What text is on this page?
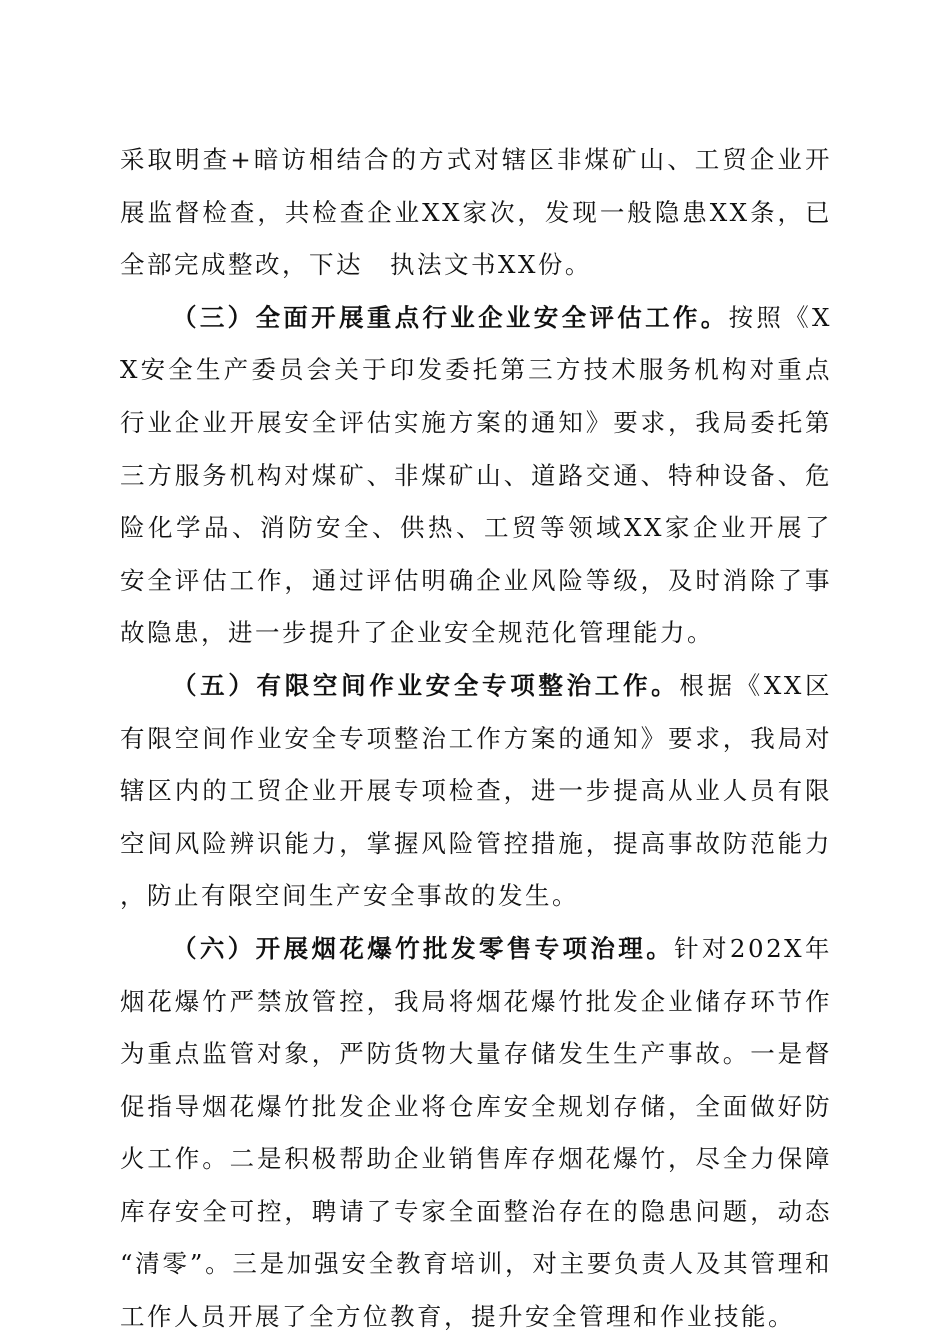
采取明查+暗访相结合的方式对辖区非煤矿山、工贸企业开展监督检查，共检查企业XX家次，发现一般隐患XX条，已全部完成整改，下达　执法文书XX份。

（三）全面开展重点行业企业安全评估工作。按照《XX安全生产委员会关于印发委托第三方技术服务机构对重点行业企业开展安全评估实施方案的通知》要求，我局委托第三方服务机构对煤矿、非煤矿山、道路交通、特种设备、危险化学品、消防安全、供热、工贸等领域XX家企业开展了安全评估工作，通过评估明确企业风险等级，及时消除了事故隐患，进一步提升了企业安全规范化管理能力。

（五）有限空间作业安全专项整治工作。根据《XX区有限空间作业安全专项整治工作方案的通知》要求，我局对辖区内的工贸企业开展专项检查，进一步提高从业人员有限空间风险辨识能力，掌握风险管控措施，提高事故防范能力，防止有限空间生产安全事故的发生。

（六）开展烟花爆竹批发零售专项治理。针对202X年烟花爆竹严禁放管控，我局将烟花爆竹批发企业储存环节作为重点监管对象，严防货物大量存储发生生产事故。一是督促指导烟花爆竹批发企业将仓库安全规划存储，全面做好防火工作。二是积极帮助企业销售库存烟花爆竹，尽全力保障库存安全可控，聘请了专家全面整治存在的隐患问题，动态“清零”。三是加强安全教育培训，对主要负责人及其管理和工作人员开展了全方位教育，提升安全管理和作业技能。
